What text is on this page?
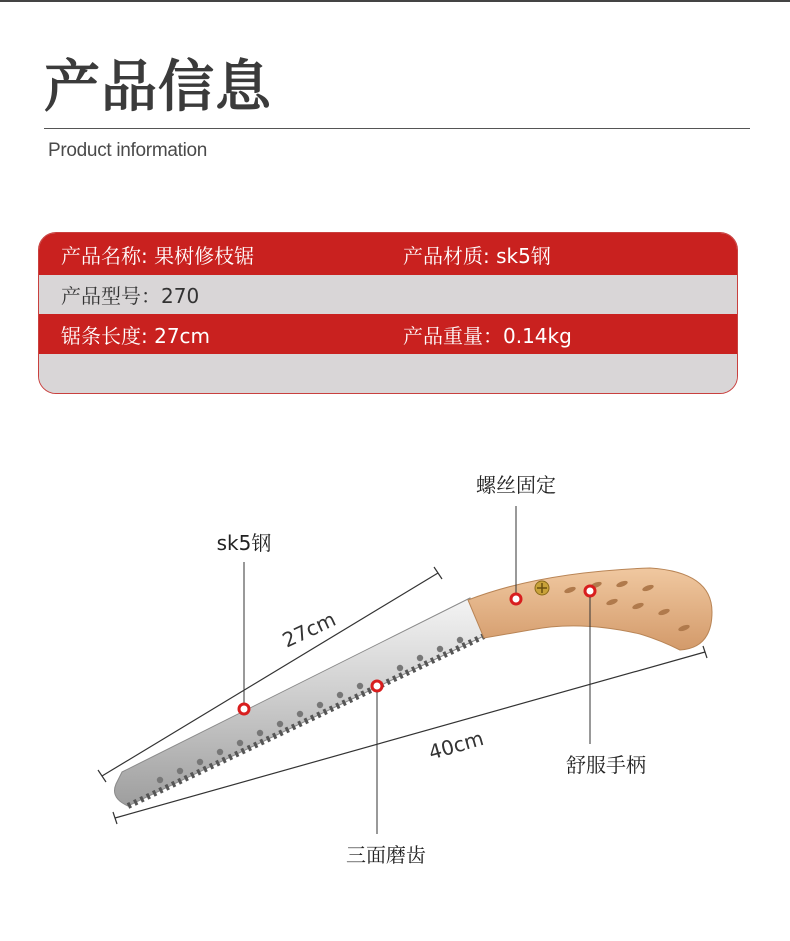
产品信息
Product information
产品名称: 果树修枝锯	产品材质: sk5钢
产品型号：270
锯条长度: 27cm	产品重量：0.14kg
27cm
40cm
sk5钢
螺丝固定
舒服手柄
三面磨齿
